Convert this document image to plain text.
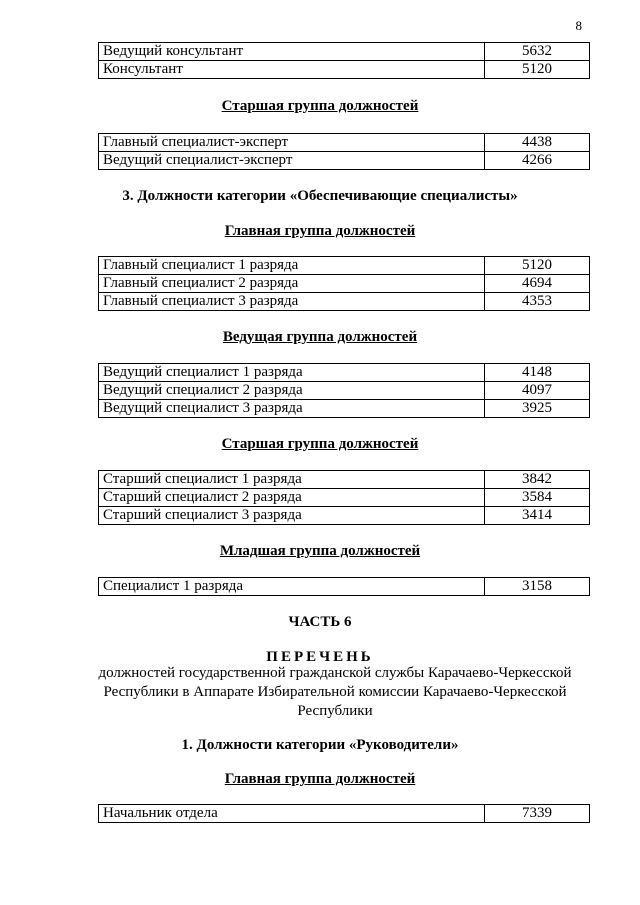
8
Ведущий консультант	5632
Консультант	5120
Старшая группа должностей
Главный специалист-эксперт	4438
Ведущий специалист-эксперт	4266
3. Должности категории «Обеспечивающие специалисты»
Главная группа должностей
Главный специалист 1 разряда	5120
Главный специалист 2 разряда	4694
Главный специалист 3 разряда	4353
Ведущая группа должностей
Ведущий специалист 1 разряда	4148
Ведущий специалист 2 разряда	4097
Ведущий специалист 3 разряда	3925
Старшая группа должностей
Старший специалист 1 разряда	3842
Старший специалист 2 разряда	3584
Старший специалист 3 разряда	3414
Младшая группа должностей
Специалист 1 разряда	3158
ЧАСТЬ 6
ПЕРЕЧЕНЬ
должностей государственной гражданской службы Карачаево-Черкесской Республики в Аппарате Избирательной комиссии Карачаево-Черкесской Республики
1. Должности категории «Руководители»
Главная группа должностей
Начальник отдела	7339
